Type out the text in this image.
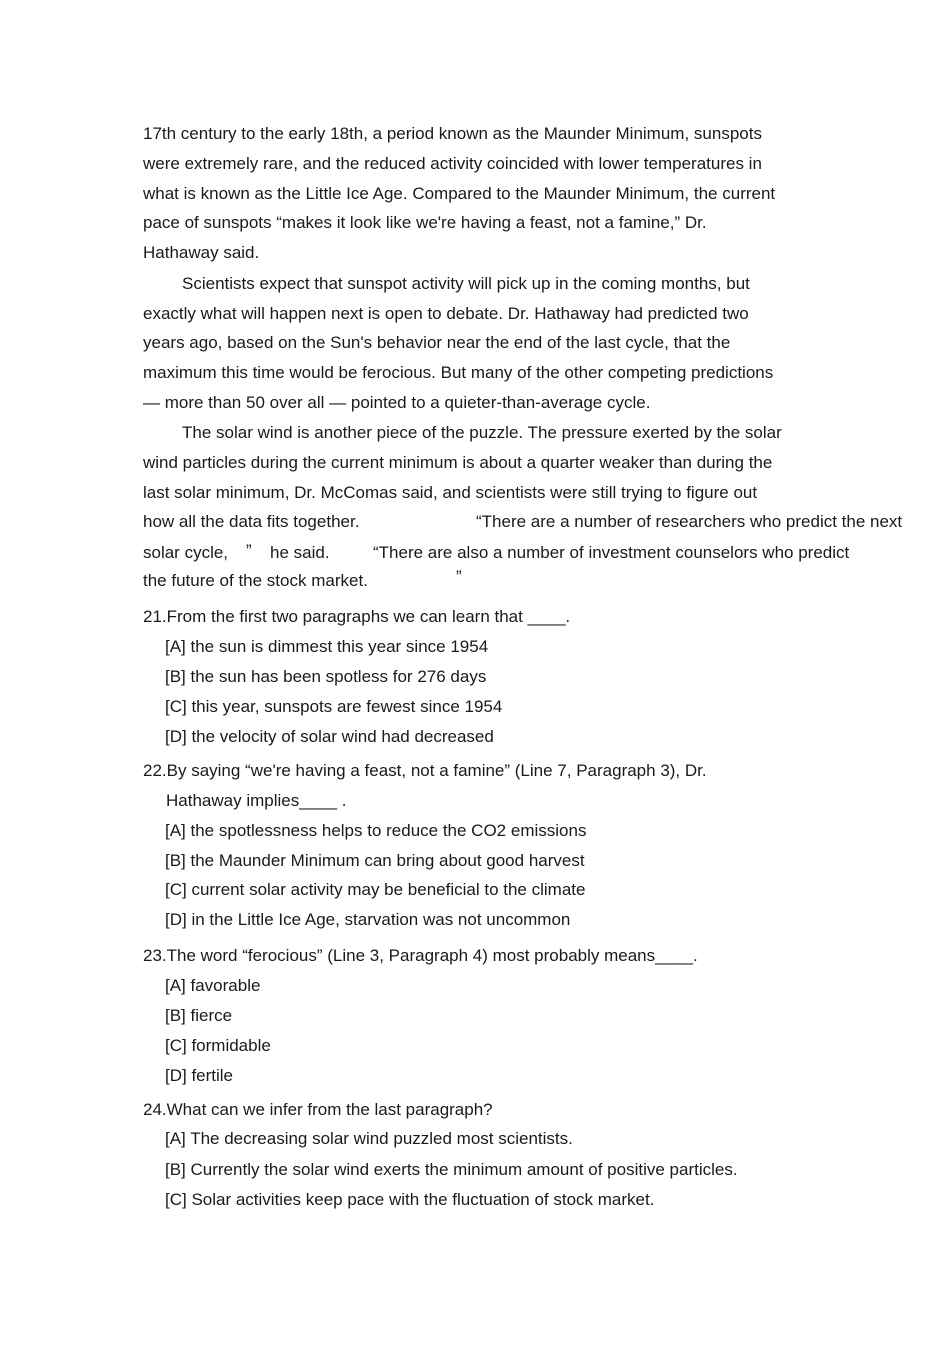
17th century to the early 18th, a period known as the Maunder Minimum, sunspots
were extremely rare, and the reduced activity coincided with lower temperatures in
what is known as the Little Ice Age. Compared to the Maunder Minimum, the current
pace of sunspots “makes it look like we're having a feast, not a famine,” Dr.
Hathaway said.
Scientists expect that sunspot activity will pick up in the coming months, but
exactly what will happen next is open to debate. Dr. Hathaway had predicted two
years ago, based on the Sun's behavior near the end of the last cycle, that the
maximum this time would be ferocious. But many of the other competing predictions
— more than 50 over all — pointed to a quieter-than-average cycle.
The solar wind is another piece of the puzzle. The pressure exerted by the solar
wind particles during the current minimum is about a quarter weaker than during the
last solar minimum, Dr. McComas said, and scientists were still trying to figure out
how all the data fits together.	“There are a number of researchers who predict the next
solar cycle, ” he said.	“There are also a number of investment counselors who predict
the future of the stock market.	”
21.From the first two paragraphs we can learn that ____.
[A] the sun is dimmest this year since 1954
[B] the sun has been spotless for 276 days
[C] this year, sunspots are fewest since 1954
[D] the velocity of solar wind had decreased
22.By saying “we're having a feast, not a famine” (Line 7, Paragraph 3), Dr.
Hathaway implies____ .
[A] the spotlessness helps to reduce the CO2 emissions
[B] the Maunder Minimum can bring about good harvest
[C] current solar activity may be beneficial to the climate
[D] in the Little Ice Age, starvation was not uncommon
23.The word “ferocious” (Line 3, Paragraph 4) most probably means____.
[A] favorable
[B] fierce
[C] formidable
[D] fertile
24.What can we infer from the last paragraph?
[A] The decreasing solar wind puzzled most scientists.
[B] Currently the solar wind exerts the minimum amount of positive particles.
[C] Solar activities keep pace with the fluctuation of stock market.
